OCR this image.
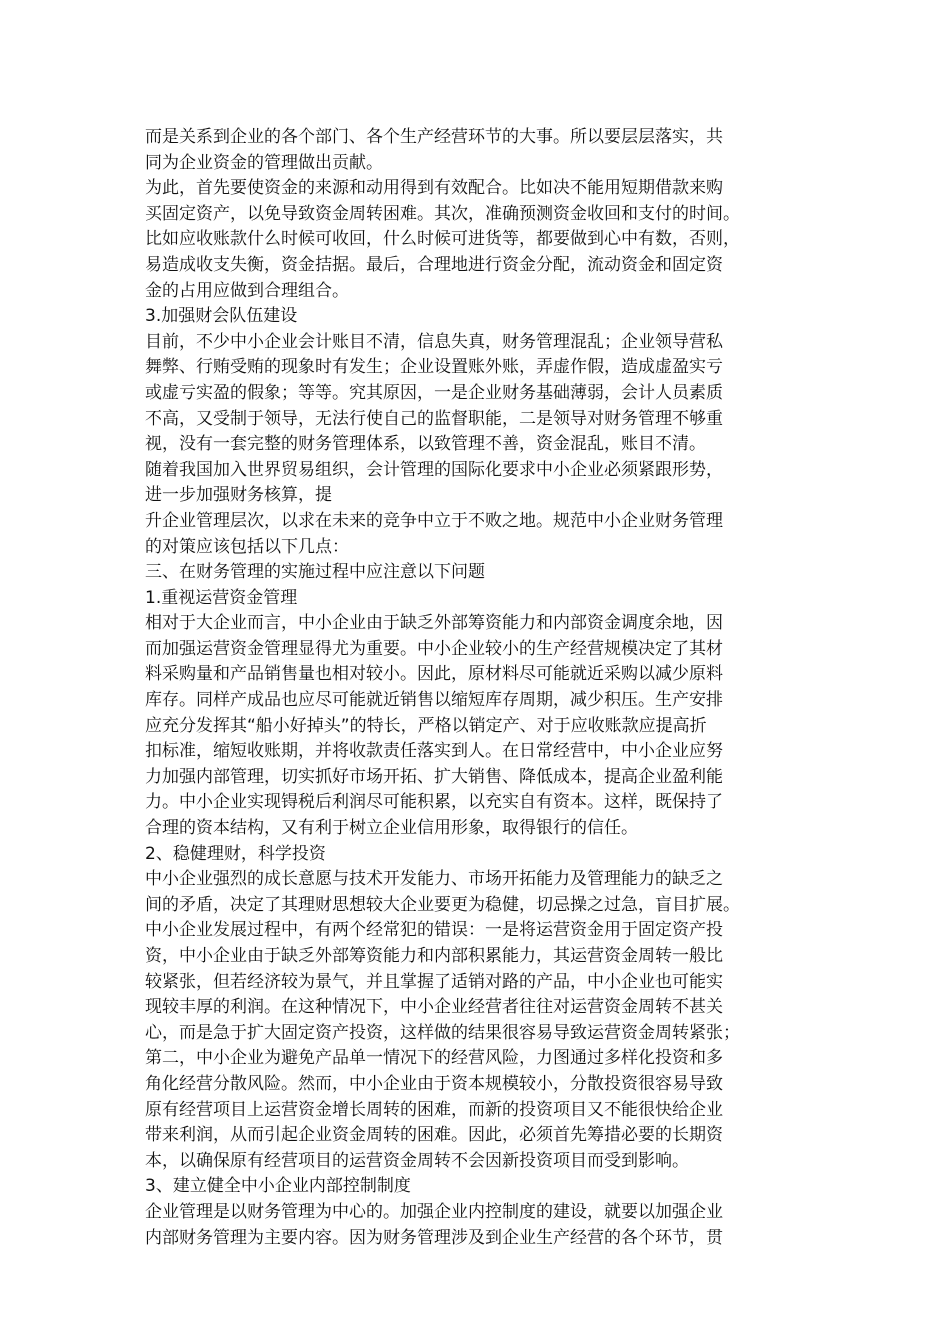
而是关系到企业的各个部门、各个生产经营环节的大事。所以要层层落实，共
同为企业资金的管理做出贡献。
为此，首先要使资金的来源和动用得到有效配合。比如决不能用短期借款来购
买固定资产，以免导致资金周转困难。其次，准确预测资金收回和支付的时间。
比如应收账款什么时候可收回，什么时候可进货等，都要做到心中有数，否则，
易造成收支失衡，资金拮据。最后，合理地进行资金分配，流动资金和固定资
金的占用应做到合理组合。
3.加强财会队伍建设
目前，不少中小企业会计账目不清，信息失真，财务管理混乱；企业领导营私
舞弊、行贿受贿的现象时有发生；企业设置账外账，弄虚作假，造成虚盈实亏
或虚亏实盈的假象；等等。究其原因，一是企业财务基础薄弱，会计人员素质
不高，又受制于领导，无法行使自己的监督职能，二是领导对财务管理不够重
视，没有一套完整的财务管理体系，以致管理不善，资金混乱，账目不清。
随着我国加入世界贸易组织，会计管理的国际化要求中小企业必须紧跟形势，
进一步加强财务核算，提
升企业管理层次，以求在未来的竞争中立于不败之地。规范中小企业财务管理
的对策应该包括以下几点：
三、在财务管理的实施过程中应注意以下问题
1.重视运营资金管理
相对于大企业而言，中小企业由于缺乏外部筹资能力和内部资金调度余地，因
而加强运营资金管理显得尤为重要。中小企业较小的生产经营规模决定了其材
料采购量和产品销售量也相对较小。因此，原材料尽可能就近采购以减少原料
库存。同样产成品也应尽可能就近销售以缩短库存周期，减少积压。生产安排
应充分发挥其“船小好掉头”的特长，严格以销定产、对于应收账款应提高折
扣标准，缩短收账期，并将收款责任落实到人。在日常经营中，中小企业应努
力加强内部管理，切实抓好市场开拓、扩大销售、降低成本，提高企业盈利能
力。中小企业实现锝税后利润尽可能积累，以充实自有资本。这样，既保持了
合理的资本结构，又有利于树立企业信用形象，取得银行的信任。
2、稳健理财，科学投资
中小企业强烈的成长意愿与技术开发能力、市场开拓能力及管理能力的缺乏之
间的矛盾，决定了其理财思想较大企业要更为稳健，切忌操之过急，盲目扩展。
中小企业发展过程中，有两个经常犯的错误：一是将运营资金用于固定资产投
资，中小企业由于缺乏外部筹资能力和内部积累能力，其运营资金周转一般比
较紧张，但若经济较为景气，并且掌握了适销对路的产品，中小企业也可能实
现较丰厚的利润。在这种情况下，中小企业经营者往往对运营资金周转不甚关
心，而是急于扩大固定资产投资，这样做的结果很容易导致运营资金周转紧张；
第二，中小企业为避免产品单一情况下的经营风险，力图通过多样化投资和多
角化经营分散风险。然而，中小企业由于资本规模较小，分散投资很容易导致
原有经营项目上运营资金增长周转的困难，而新的投资项目又不能很快给企业
带来利润，从而引起企业资金周转的困难。因此，必须首先筹措必要的长期资
本，以确保原有经营项目的运营资金周转不会因新投资项目而受到影响。
3、建立健全中小企业内部控制制度
企业管理是以财务管理为中心的。加强企业内控制度的建设，就要以加强企业
内部财务管理为主要内容。因为财务管理涉及到企业生产经营的各个环节，贯
